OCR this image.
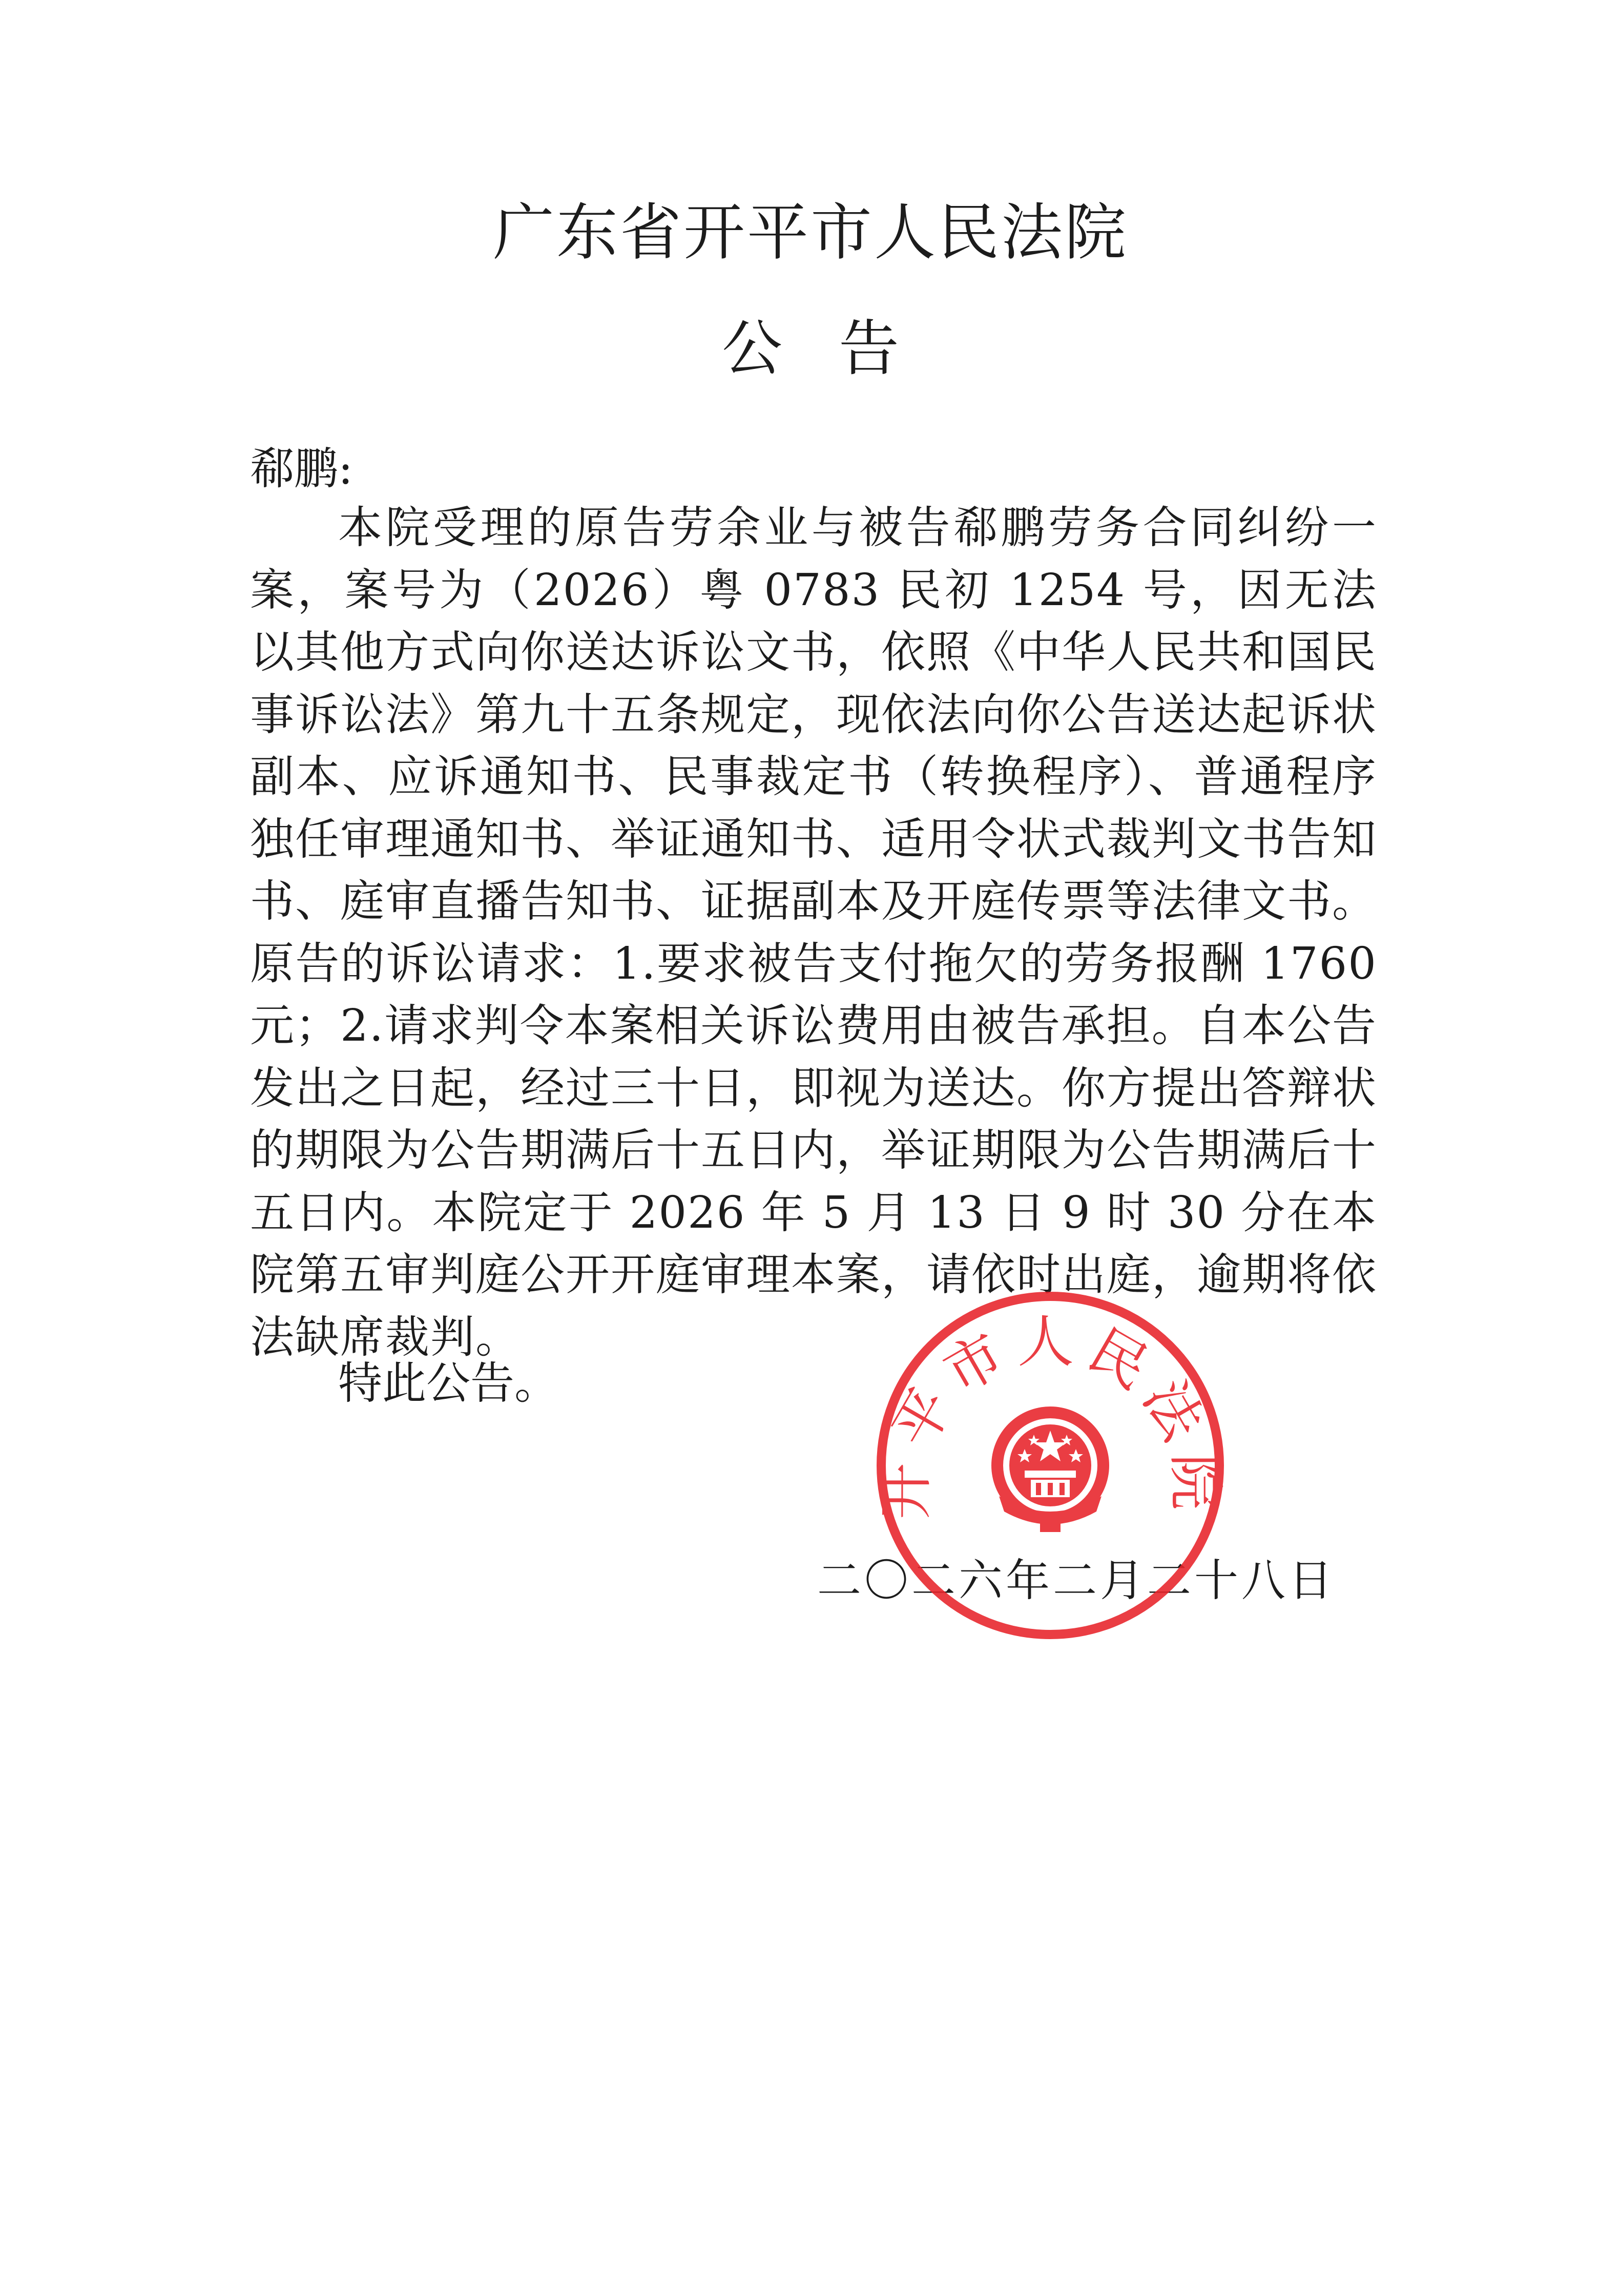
广东省开平市人民法院
公 告
郗鹏:

本院受理的原告劳余业与被告郗鹏劳务合同纠纷一案，案号为（2026）粤 0783 民初 1254 号，因无法以其他方式向你送达诉讼文书，依照《中华人民共和国民事诉讼法》第九十五条规定，现依法向你公告送达起诉状副本、应诉通知书、民事裁定书（转换程序）、普通程序独任审理通知书、举证通知书、适用令状式裁判文书告知书、庭审直播告知书、证据副本及开庭传票等法律文书。原告的诉讼请求：1.要求被告支付拖欠的劳务报酬 1760 元；2.请求判令本案相关诉讼费用由被告承担。自本公告发出之日起，经过三十日，即视为送达。你方提出答辩状的期限为公告期满后十五日内，举证期限为公告期满后十五日内。本院定于 2026 年 5 月 13 日 9 时 30 分在本院第五审判庭公开开庭审理本案，请依时出庭，逾期将依法缺席裁判。

特此公告。
二〇二六年二月二十八日
开平市人民法院
